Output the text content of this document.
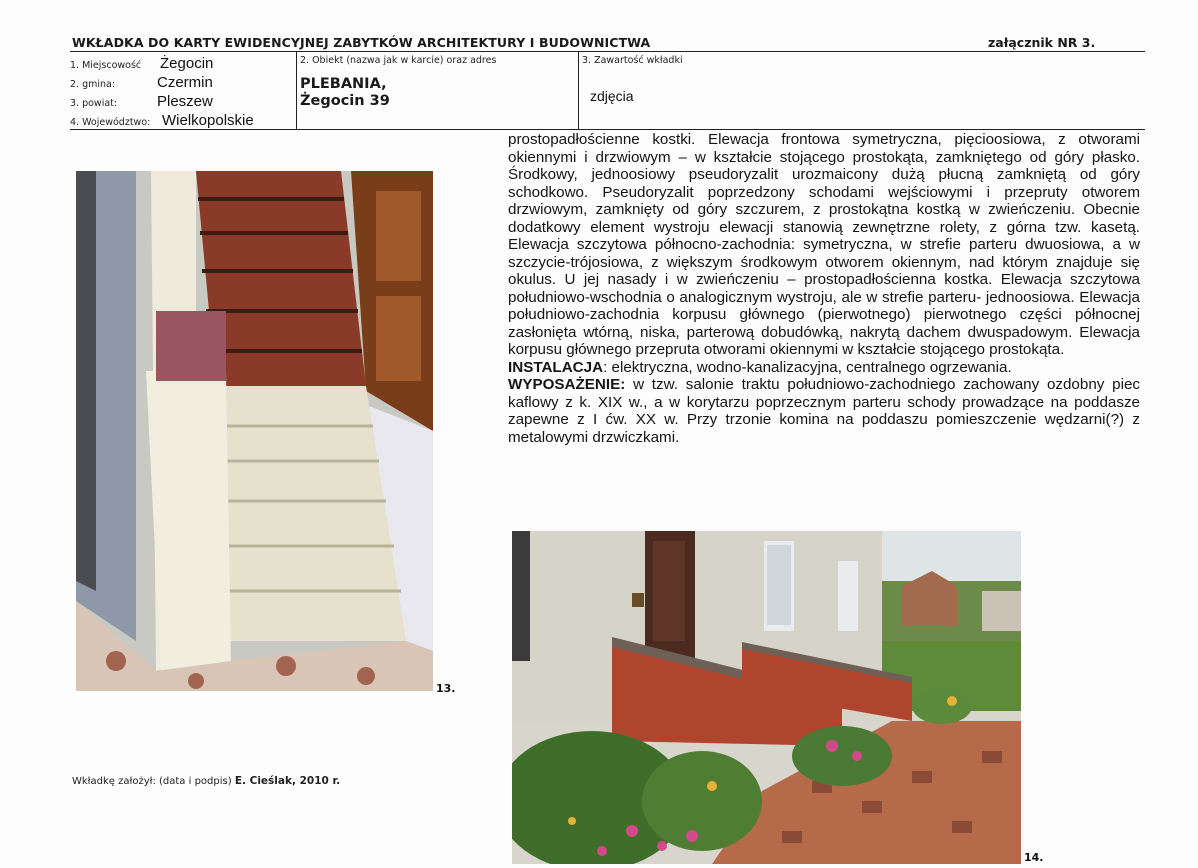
WKŁADKA DO KARTY EWIDENCYJNEJ ZABYTKÓW ARCHITEKTURY I BUDOWNICTWA	załącznik NR 3.
1. Miejscowość Żegocin
2. gmina:	Czermin
3. powiat:	Pleszew
4. Województwo: Wielkopolskie
2. Obiekt (nazwa jak w karcie) oraz adres
PLEBANIA,
Żegocin 39
3. Zawartość wkładki
zdjęcia

prostopadłościenne kostki. Elewacja frontowa symetryczna, pięcioosiowa, z otworami okiennymi i drzwiowym – w kształcie stojącego prostokąta, zamkniętego od góry płasko. Środkowy, jednoosiowy pseudoryzalit urozmaicony dużą płucną zamkniętą od góry schodkowo. Pseudoryzalit poprzedzony schodami wejściowymi i przepruty otworem drzwiowym, zamknięty od góry szczurem, z prostokątna kostką w zwieńczeniu. Obecnie dodatkowy element wystroju elewacji stanowią zewnętrzne rolety, z górna tzw. kasetą. Elewacja szczytowa północno-zachodnia: symetryczna, w strefie parteru dwuosiowa, a w szczycie-trójosiowa, z większym środkowym otworem okiennym, nad którym znajduje się okulus. U jej nasady i w zwieńczeniu – prostopadłościenna kostka. Elewacja szczytowa południowo-wschodnia o analogicznym wystroju, ale w strefie parteru- jednoosiowa. Elewacja południowo-zachodnia korpusu głównego (pierwotnego) pierwotnego części północnej zasłonięta wtórną, niska, parterową dobudówką, nakrytą dachem dwuspadowym. Elewacja korpusu głównego przepruta otworami okiennymi w kształcie stojącego prostokąta.

INSTALACJA: elektryczna, wodno-kanalizacyjna, centralnego ogrzewania.

WYPOSAŻENIE: w tzw. salonie traktu południowo-zachodniego zachowany ozdobny piec kaflowy z k. XIX w., a w korytarzu poprzecznym parteru schody prowadzące na poddasze zapewne z I ćw. XX w. Przy trzonie komina na poddaszu pomieszczenie wędzarni(?) z metalowymi drzwiczkami.

13.
14.
Wkładkę założył: (data i podpis) E. Cieślak, 2010 r.
